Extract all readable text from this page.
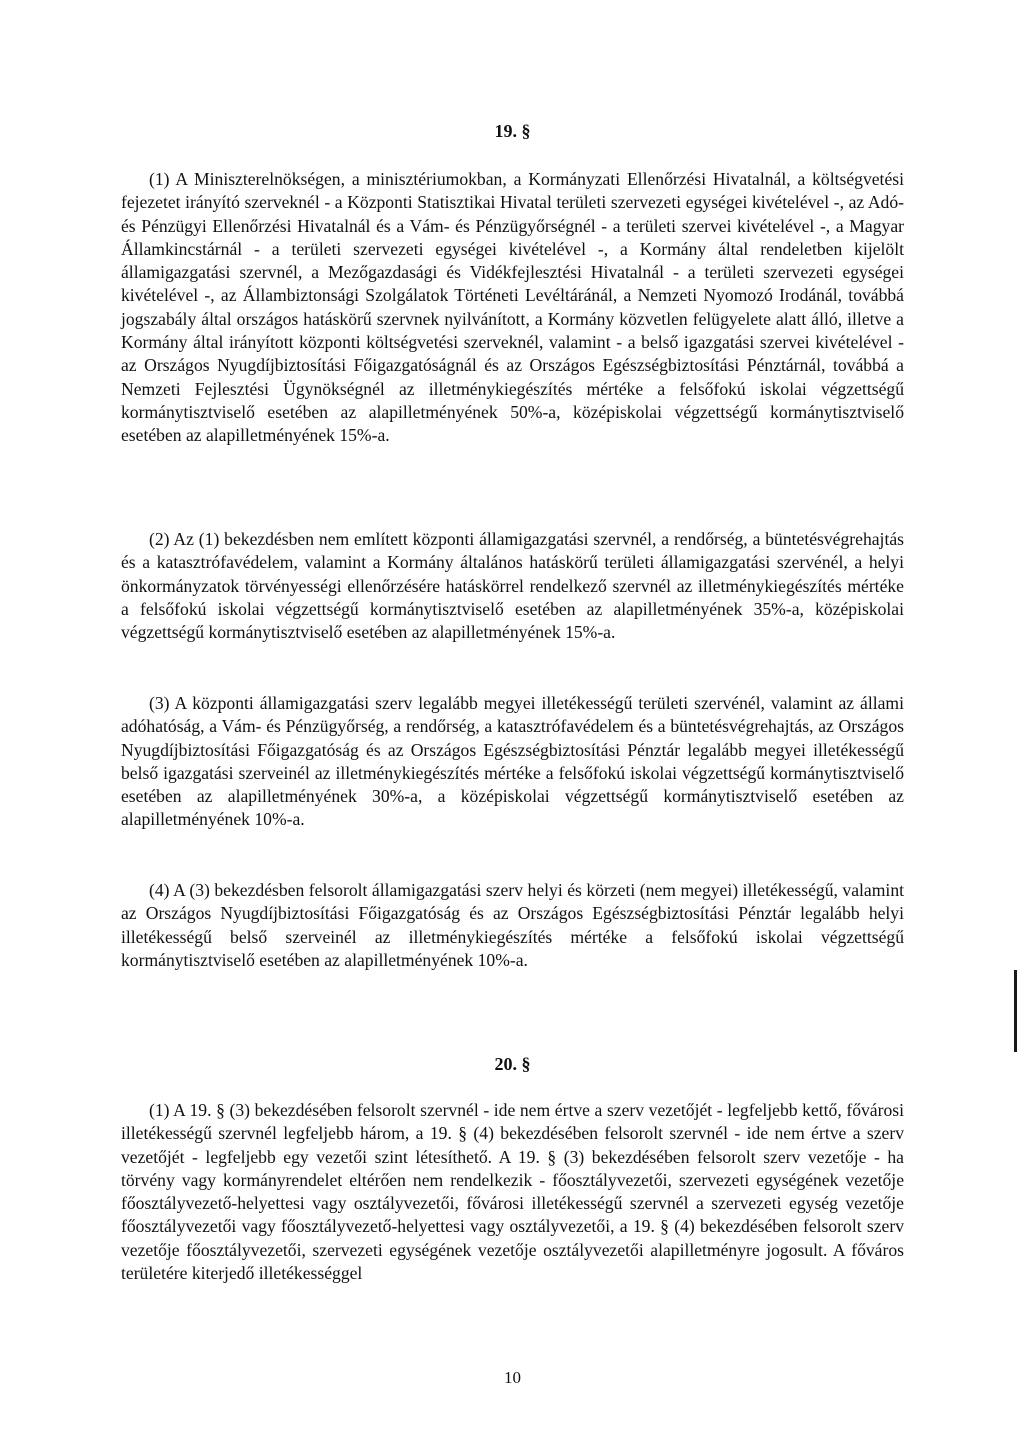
19. §

(1) A Miniszterelnökségen, a minisztériumokban, a Kormányzati Ellenőrzési Hivatalnál, a költségvetési fejezetet irányító szerveknél - a Központi Statisztikai Hivatal területi szervezeti egységei kivételével -, az Adó- és Pénzügyi Ellenőrzési Hivatalnál és a Vám- és Pénzügyőrségnél - a területi szervei kivételével -, a Magyar Államkincstárnál - a területi szervezeti egységei kivételével -, a Kormány által rendeletben kijelölt államigazgatási szervnél, a Mezőgazdasági és Vidékfejlesztési Hivatalnál - a területi szervezeti egységei kivételével -, az Állambiztonsági Szolgálatok Történeti Levéltáránál, a Nemzeti Nyomozó Irodánál, továbbá jogszabály által országos hatáskörű szervnek nyilvánított, a Kormány közvetlen felügyelete alatt álló, illetve a Kormány által irányított központi költségvetési szerveknél, valamint - a belső igazgatási szervei kivételével - az Országos Nyugdíjbiztosítási Főigazgatóságnál és az Országos Egészségbiztosítási Pénztárnál, továbbá a Nemzeti Fejlesztési Ügynökségnél az illetménykiegészítés mértéke a felsőfokú iskolai végzettségű kormánytisztviselő esetében az alapilletményének 50%-a, középiskolai végzettségű kormánytisztviselő esetében az alapilletményének 15%-a.

(2) Az (1) bekezdésben nem említett központi államigazgatási szervnél, a rendőrség, a büntetésvégrehajtás és a katasztrófavédelem, valamint a Kormány általános hatáskörű területi államigazgatási szervénél, a helyi önkormányzatok törvényességi ellenőrzésére hatáskörrel rendelkező szervnél az illetménykiegészítés mértéke a felsőfokú iskolai végzettségű kormánytisztviselő esetében az alapilletményének 35%-a, középiskolai végzettségű kormánytisztviselő esetében az alapilletményének 15%-a.

(3) A központi államigazgatási szerv legalább megyei illetékességű területi szervénél, valamint az állami adóhatóság, a Vám- és Pénzügyőrség, a rendőrség, a katasztrófavédelem és a büntetésvégrehajtás, az Országos Nyugdíjbiztosítási Főigazgatóság és az Országos Egészségbiztosítási Pénztár legalább megyei illetékességű belső igazgatási szerveinél az illetménykiegészítés mértéke a felsőfokú iskolai végzettségű kormánytisztviselő esetében az alapilletményének 30%-a, a középiskolai végzettségű kormánytisztviselő esetében az alapilletményének 10%-a.

(4) A (3) bekezdésben felsorolt államigazgatási szerv helyi és körzeti (nem megyei) illetékességű, valamint az Országos Nyugdíjbiztosítási Főigazgatóság és az Országos Egészségbiztosítási Pénztár legalább helyi illetékességű belső szerveinél az illetménykiegészítés mértéke a felsőfokú iskolai végzettségű kormánytisztviselő esetében az alapilletményének 10%-a.

20. §

(1) A 19. § (3) bekezdésében felsorolt szervnél - ide nem értve a szerv vezetőjét - legfeljebb kettő, fővárosi illetékességű szervnél legfeljebb három, a 19. § (4) bekezdésében felsorolt szervnél - ide nem értve a szerv vezetőjét - legfeljebb egy vezetői szint létesíthető. A 19. § (3) bekezdésében felsorolt szerv vezetője - ha törvény vagy kormányrendelet eltérően nem rendelkezik - főosztályvezetői, szervezeti egységének vezetője főosztályvezető-helyettesi vagy osztályvezetői, fővárosi illetékességű szervnél a szervezeti egység vezetője főosztályvezetői vagy főosztályvezető-helyettesi vagy osztályvezetői, a 19. § (4) bekezdésében felsorolt szerv vezetője főosztályvezetői, szervezeti egységének vezetője osztályvezetői alapilletményre jogosult. A főváros területére kiterjedő illetékességgel

10
